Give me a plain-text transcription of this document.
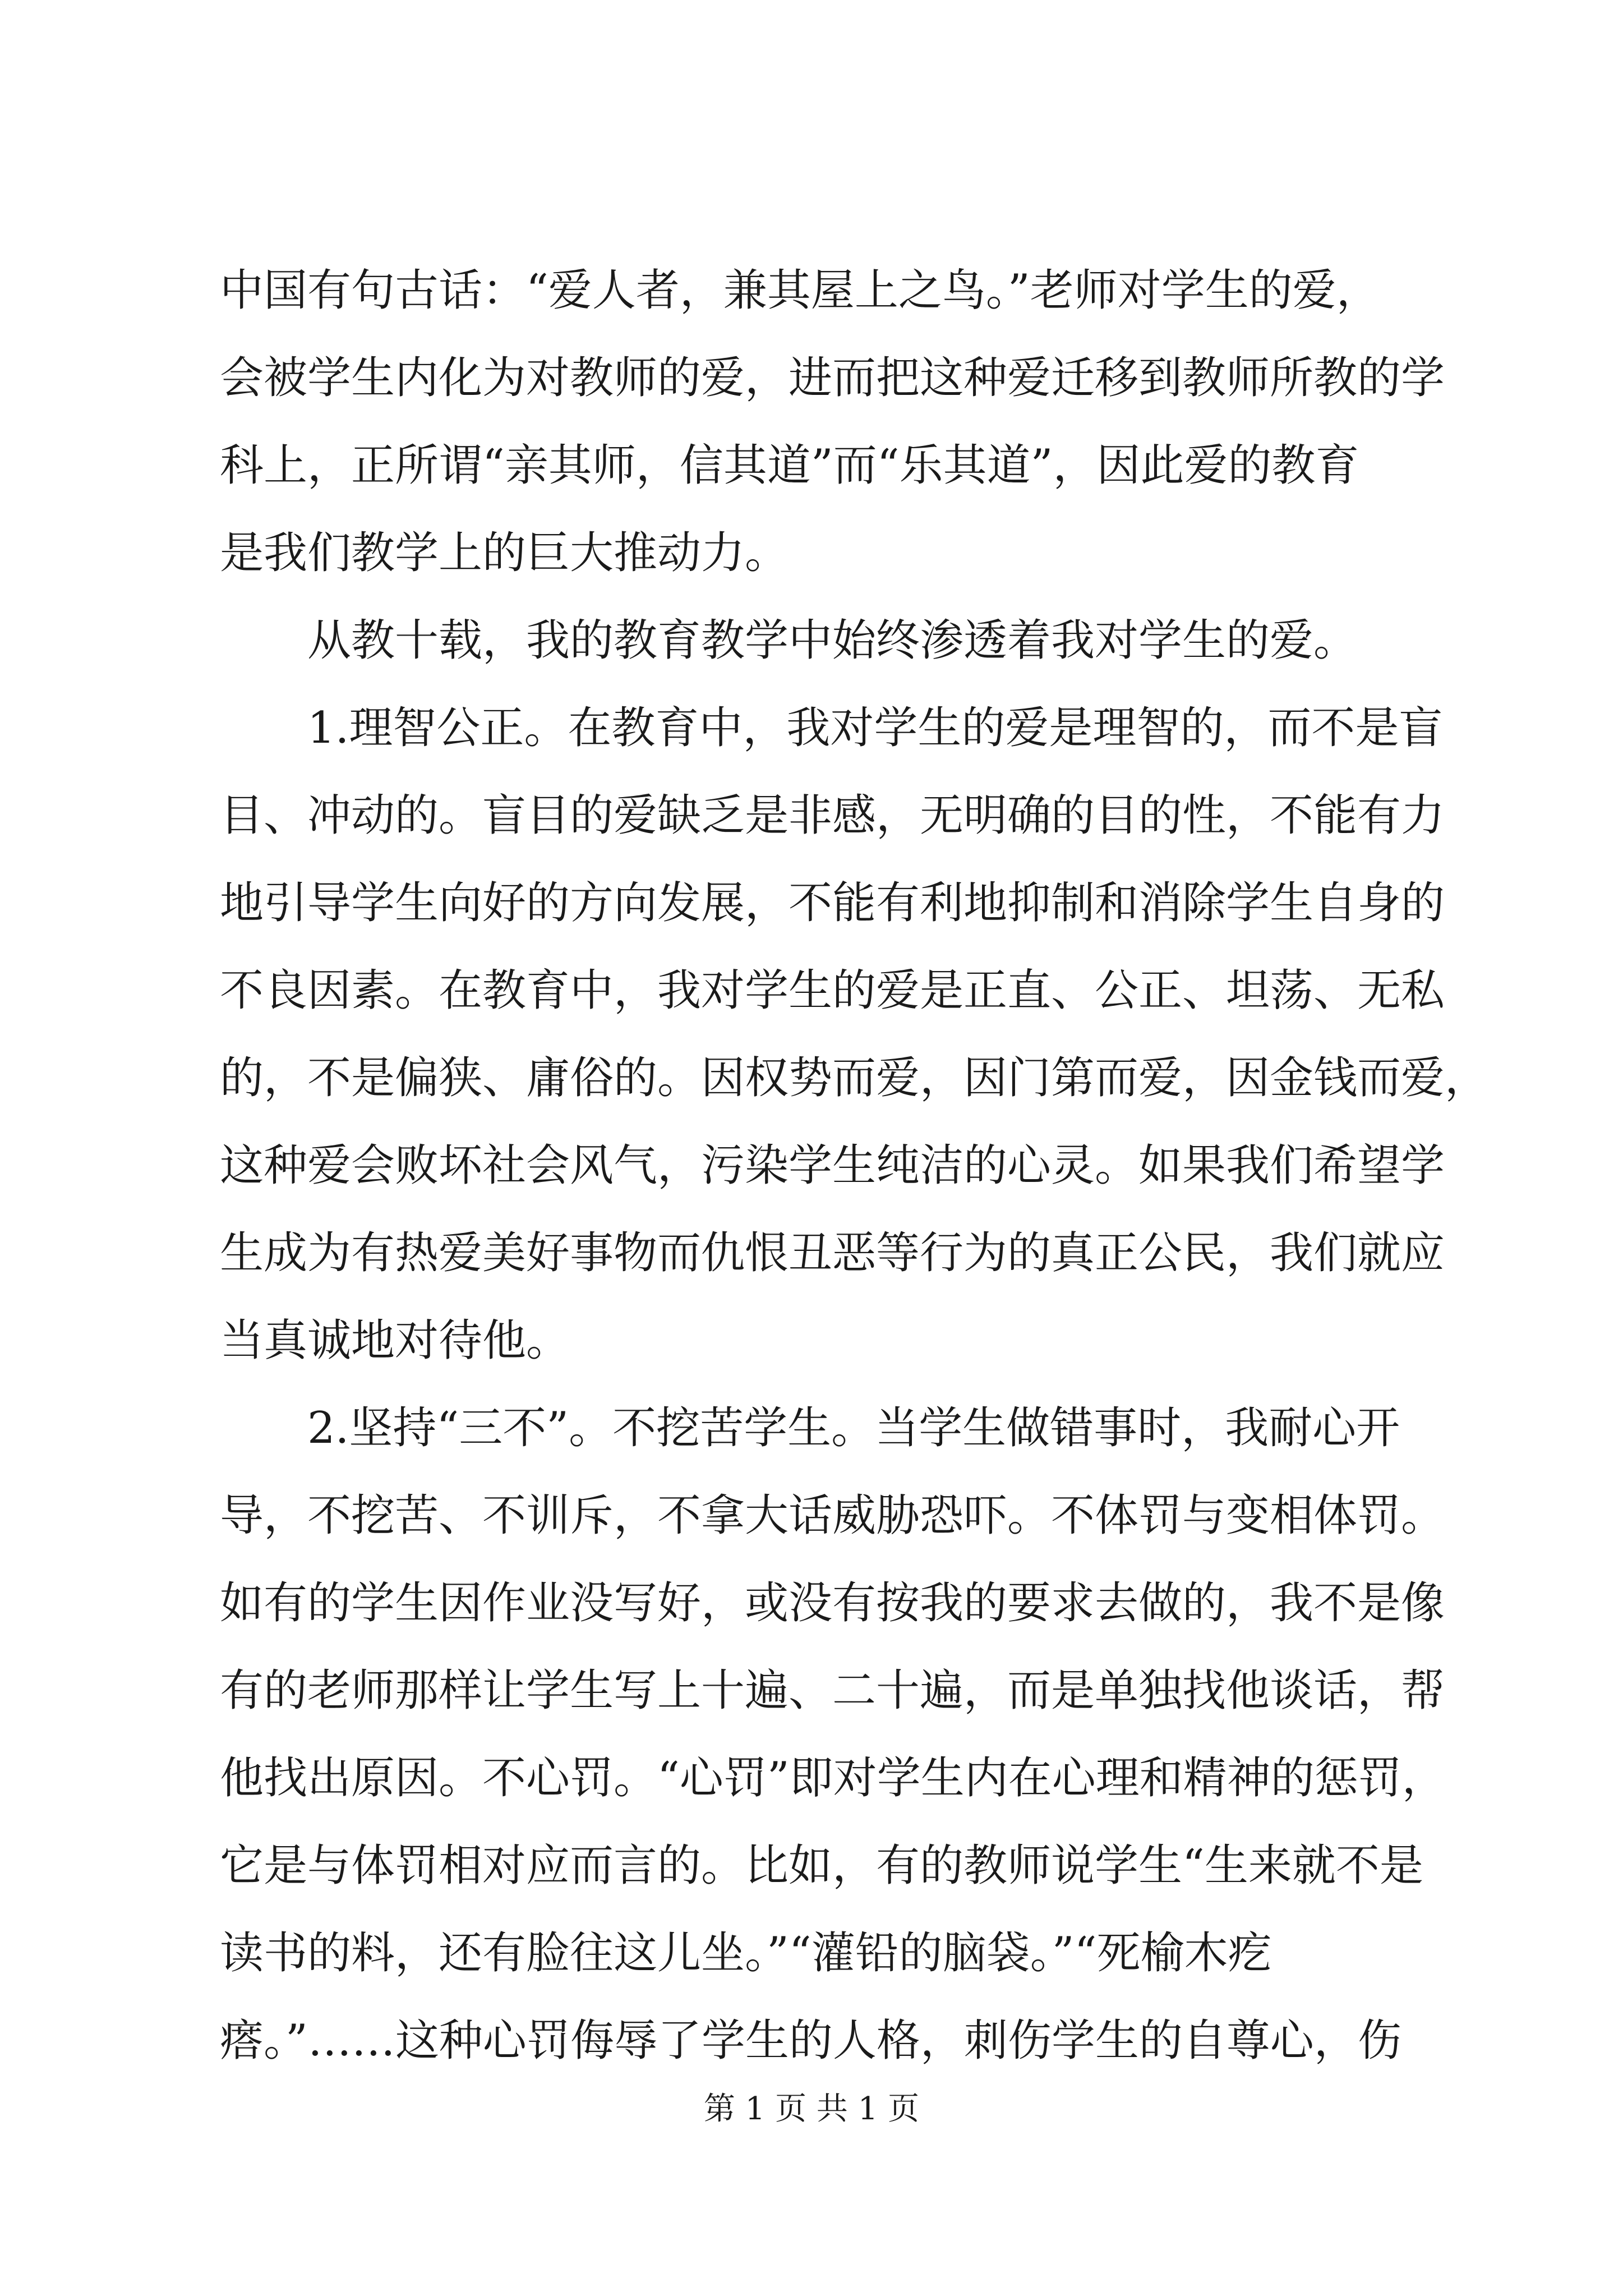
中国有句古话：“爱人者，兼其屋上之鸟。”老师对学生的爱，
会被学生内化为对教师的爱，进而把这种爱迁移到教师所教的学
科上，正所谓“亲其师，信其道”而“乐其道”，因此爱的教育
是我们教学上的巨大推动力。
从教十载，我的教育教学中始终渗透着我对学生的爱。
1.理智公正。在教育中，我对学生的爱是理智的，而不是盲
目、冲动的。盲目的爱缺乏是非感，无明确的目的性，不能有力
地引导学生向好的方向发展，不能有利地抑制和消除学生自身的
不良因素。在教育中，我对学生的爱是正直、公正、坦荡、无私
的，不是偏狭、庸俗的。因权势而爱，因门第而爱，因金钱而爱，
这种爱会败坏社会风气，污染学生纯洁的心灵。如果我们希望学
生成为有热爱美好事物而仇恨丑恶等行为的真正公民，我们就应
当真诚地对待他。
2.坚持“三不”。不挖苦学生。当学生做错事时，我耐心开
导，不挖苦、不训斥，不拿大话威胁恐吓。不体罚与变相体罚。
如有的学生因作业没写好，或没有按我的要求去做的，我不是像
有的老师那样让学生写上十遍、二十遍，而是单独找他谈话，帮
他找出原因。不心罚。“心罚”即对学生内在心理和精神的惩罚，
它是与体罚相对应而言的。比如，有的教师说学生“生来就不是
读书的料，还有脸往这儿坐。”“灌铅的脑袋。”“死榆木疙
瘩。”……这种心罚侮辱了学生的人格，刺伤学生的自尊心，伤
第 1 页 共 1 页
